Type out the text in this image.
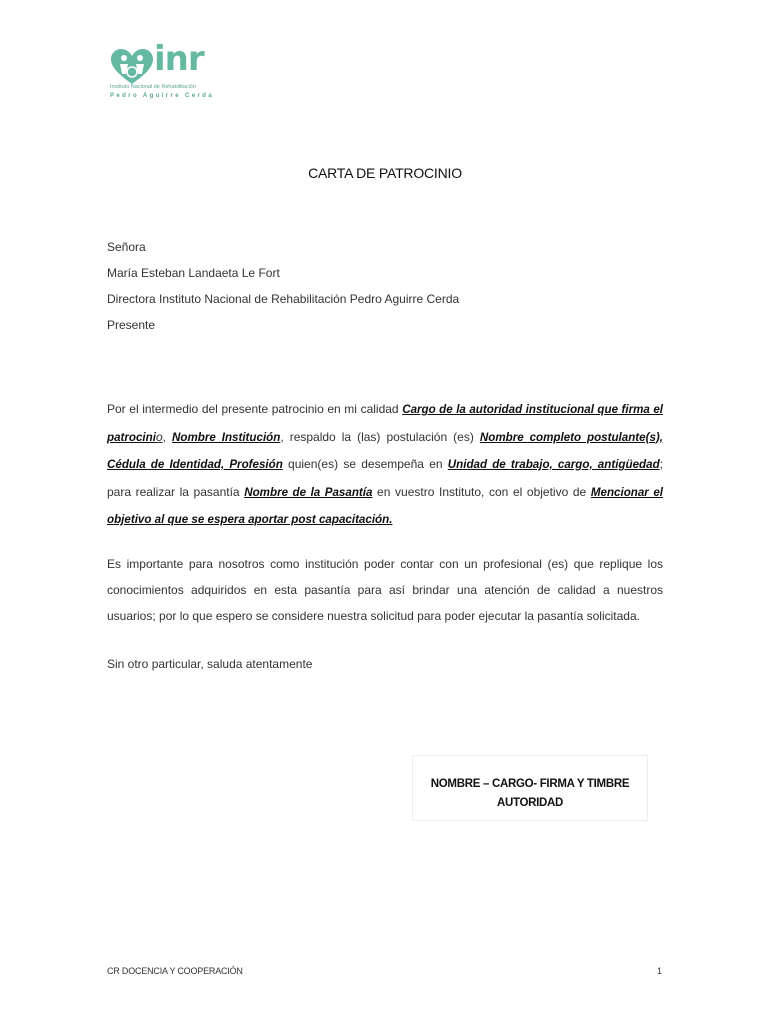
inr
Instituto Nacional de Rehabilitación
Pedro Aguirre Cerda
CARTA DE PATROCINIO
Señora
María Esteban Landaeta Le Fort
Directora Instituto Nacional de Rehabilitación Pedro Aguirre Cerda
Presente
Por el intermedio del presente patrocinio en mi calidad Cargo de la autoridad institucional que firma el patrocinio, Nombre Institución, respaldo la (las) postulación (es) Nombre completo postulante(s), Cédula de Identidad, Profesión quien(es) se desempeña en Unidad de trabajo, cargo, antigüedad; para realizar la pasantía Nombre de la Pasantía en vuestro Instituto, con el objetivo de Mencionar el objetivo al que se espera aportar post capacitación.
Es importante para nosotros como institución poder contar con un profesional (es) que replique los conocimientos adquiridos en esta pasantía para así brindar una atención de calidad a nuestros usuarios; por lo que espero se considere nuestra solicitud para poder ejecutar la pasantía solicitada.
Sin otro particular, saluda atentamente
NOMBRE – CARGO- FIRMA Y TIMBRE
AUTORIDAD
CR DOCENCIA Y COOPERACIÓN	1
